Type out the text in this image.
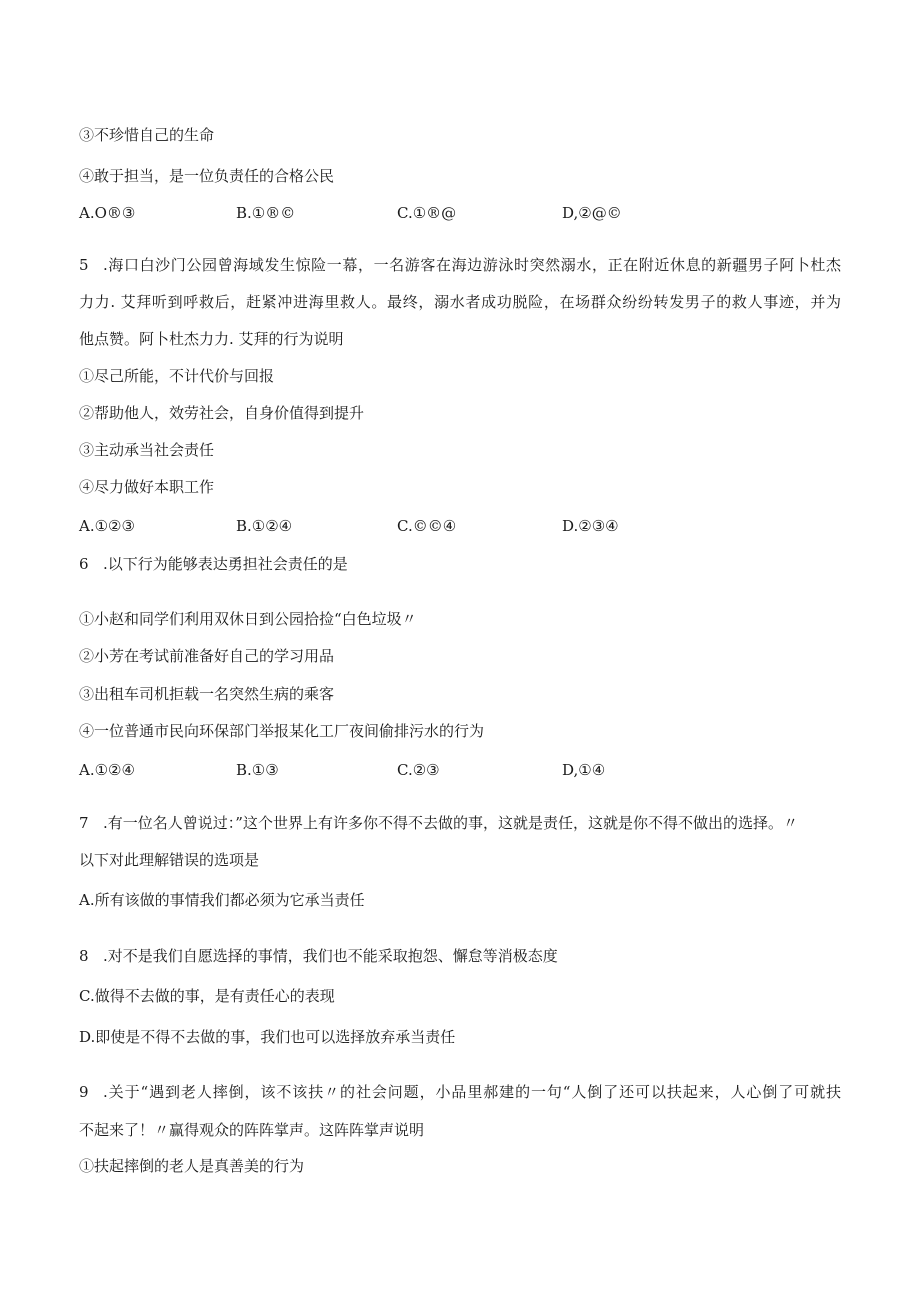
③不珍惜自己的生命
④敢于担当，是一位负责任的合格公民
A.O®③	B.①®©	C.①®@	D,②@©
5 .海口白沙门公园曾海域发生惊险一幕，一名游客在海边游泳时突然溺水，正在附近休息的新疆男子阿卜杜杰
力力. 艾拜听到呼救后，赶紧冲进海里救人。最终，溺水者成功脱险，在场群众纷纷转发男子的救人事迹，并为
他点赞。阿卜杜杰力力. 艾拜的行为说明
①尽己所能，不计代价与回报
②帮助他人，效劳社会，自身价值得到提升
③主动承当社会责任
④尽力做好本职工作
A.①②③	B.①②④	C.©©④	D.②③④
6 .以下行为能够表达勇担社会责任的是
①小赵和同学们利用双休日到公园拾捡“白色垃圾〃
②小芳在考试前准备好自己的学习用品
③出租车司机拒载一名突然生病的乘客
④一位普通市民向环保部门举报某化工厂夜间偷排污水的行为
A.①②④	B.①③	C.②③	D,①④
7 .有一位名人曾说过：”这个世界上有许多你不得不去做的事，这就是责任，这就是你不得不做出的选择。〃
以下对此理解错误的选项是
A.所有该做的事情我们都必须为它承当责任
8 .对不是我们自愿选择的事情，我们也不能采取抱怨、懈怠等消极态度
C.做得不去做的事，是有责任心的表现
D.即使是不得不去做的事，我们也可以选择放弃承当责任
9 .关于“遇到老人摔倒，该不该扶〃的社会问题，小品里郝建的一句“人倒了还可以扶起来，人心倒了可就扶
不起来了！〃赢得观众的阵阵掌声。这阵阵掌声说明
①扶起摔倒的老人是真善美的行为
